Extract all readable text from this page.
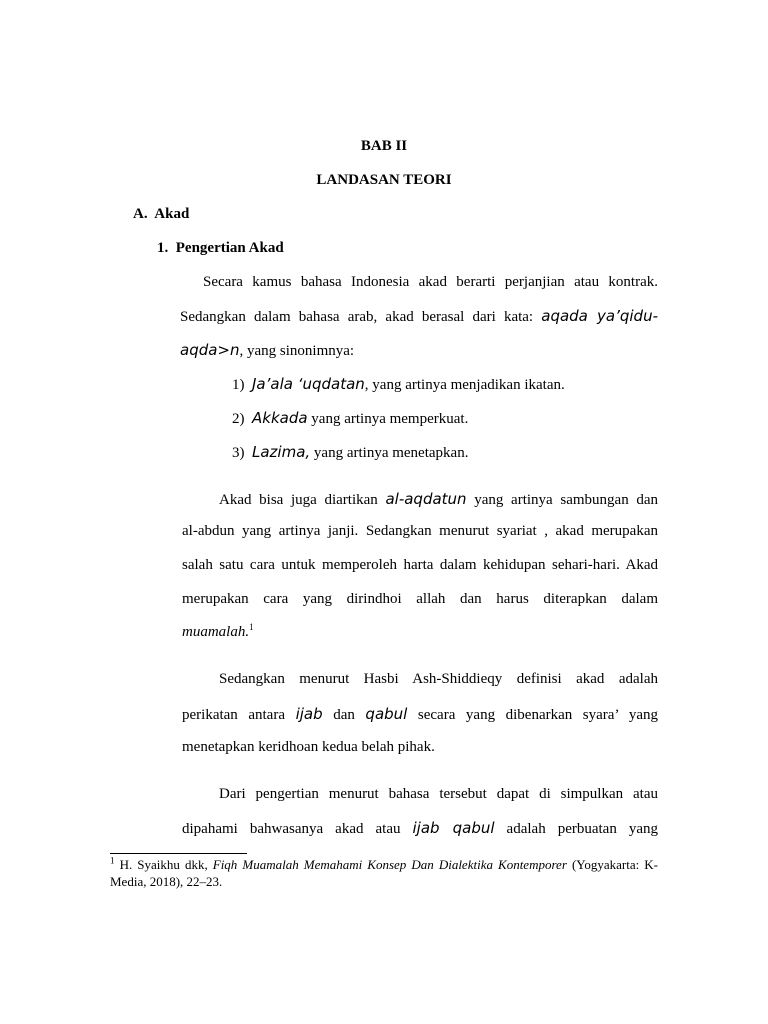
BAB II
LANDASAN TEORI
A. Akad
1. Pengertian Akad
Secara kamus bahasa Indonesia akad berarti perjanjian atau kontrak.
Sedangkan dalam bahasa arab, akad berasal dari kata: aqada ya’qidu-
aqda>n, yang sinonimnya:
1) Ja’ala ‘uqdatan, yang artinya menjadikan ikatan.
2) Akkada yang artinya memperkuat.
3) Lazima, yang artinya menetapkan.
Akad bisa juga diartikan al-aqdatun yang artinya sambungan dan
al-abdun yang artinya janji. Sedangkan menurut syariat , akad merupakan
salah satu cara untuk memperoleh harta dalam kehidupan sehari-hari. Akad
merupakan cara yang dirindhoi allah dan harus diterapkan dalam
muamalah.$^1$
Sedangkan menurut Hasbi Ash-Shiddieqy definisi akad adalah
perikatan antara ijab dan qabul secara yang dibenarkan syara’ yang
menetapkan keridhoan kedua belah pihak.
Dari pengertian menurut bahasa tersebut dapat di simpulkan atau
dipahami bahwasanya akad atau ijab qabul adalah perbuatan yang
$^1$ H. Syaikhu dkk, Fiqh Muamalah Memahami Konsep Dan Dialektika Kontemporer (Yogyakarta: K-
Media, 2018), 22–23.
